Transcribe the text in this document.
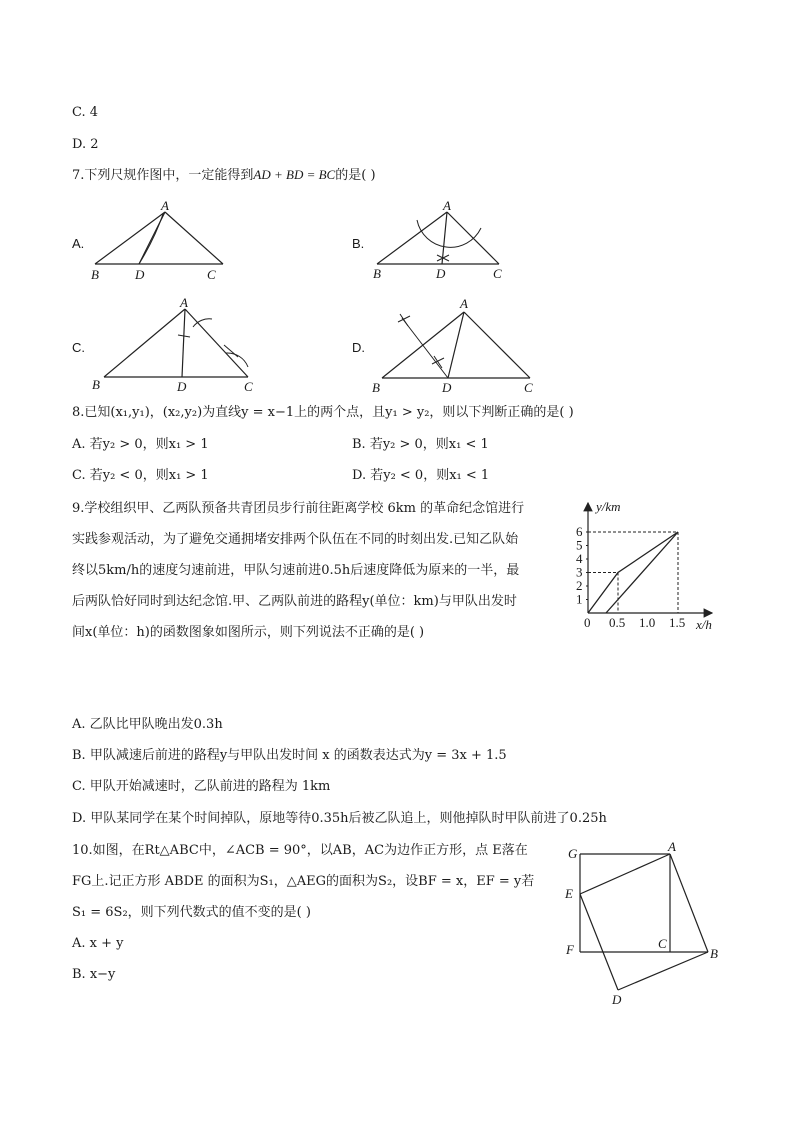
C. 4
D. 2
7.下列尺规作图中，一定能得到AD + BD = BC的是( )
A.
A
B	D	C
B.
A
B	D	C
C.
A
B	D	C
D.
A
B	D	C
8.已知(x₁,y₁)，(x₂,y₂)为直线y = x−1上的两个点，且y₁ > y₂，则以下判断正确的是( )
A. 若y₂ > 0，则x₁ > 1	B. 若y₂ > 0，则x₁ < 1
C. 若y₂ < 0，则x₁ > 1	D. 若y₂ < 0，则x₁ < 1
9.学校组织甲、乙两队预备共青团员步行前往距离学校 6km 的革命纪念馆进行
实践参观活动，为了避免交通拥堵安排两个队伍在不同的时刻出发.已知乙队始
终以5km/h的速度匀速前进，甲队匀速前进0.5h后速度降低为原来的一半，最
后两队恰好同时到达纪念馆.甲、乙两队前进的路程y(单位：km)与甲队出发时
间x(单位：h)的函数图象如图所示，则下列说法不正确的是( )
y/km
x/h
1
2
3
4
5
6
0 0.5 1.0 1.5
A. 乙队比甲队晚出发0.3h
B. 甲队减速后前进的路程y与甲队出发时间 x 的函数表达式为y = 3x + 1.5
C. 甲队开始减速时，乙队前进的路程为 1km
D. 甲队某同学在某个时间掉队，原地等待0.35h后被乙队追上，则他掉队时甲队前进了0.25h
10.如图，在Rt△ABC中，∠ACB = 90°，以AB，AC为边作正方形，点 E落在
FG上.记正方形 ABDE 的面积为S₁，△AEG的面积为S₂，设BF = x，EF = y若
S₁ = 6S₂，则下列代数式的值不变的是( )
A. x + y
B. x−y
G	A
E
F	C
B
D
